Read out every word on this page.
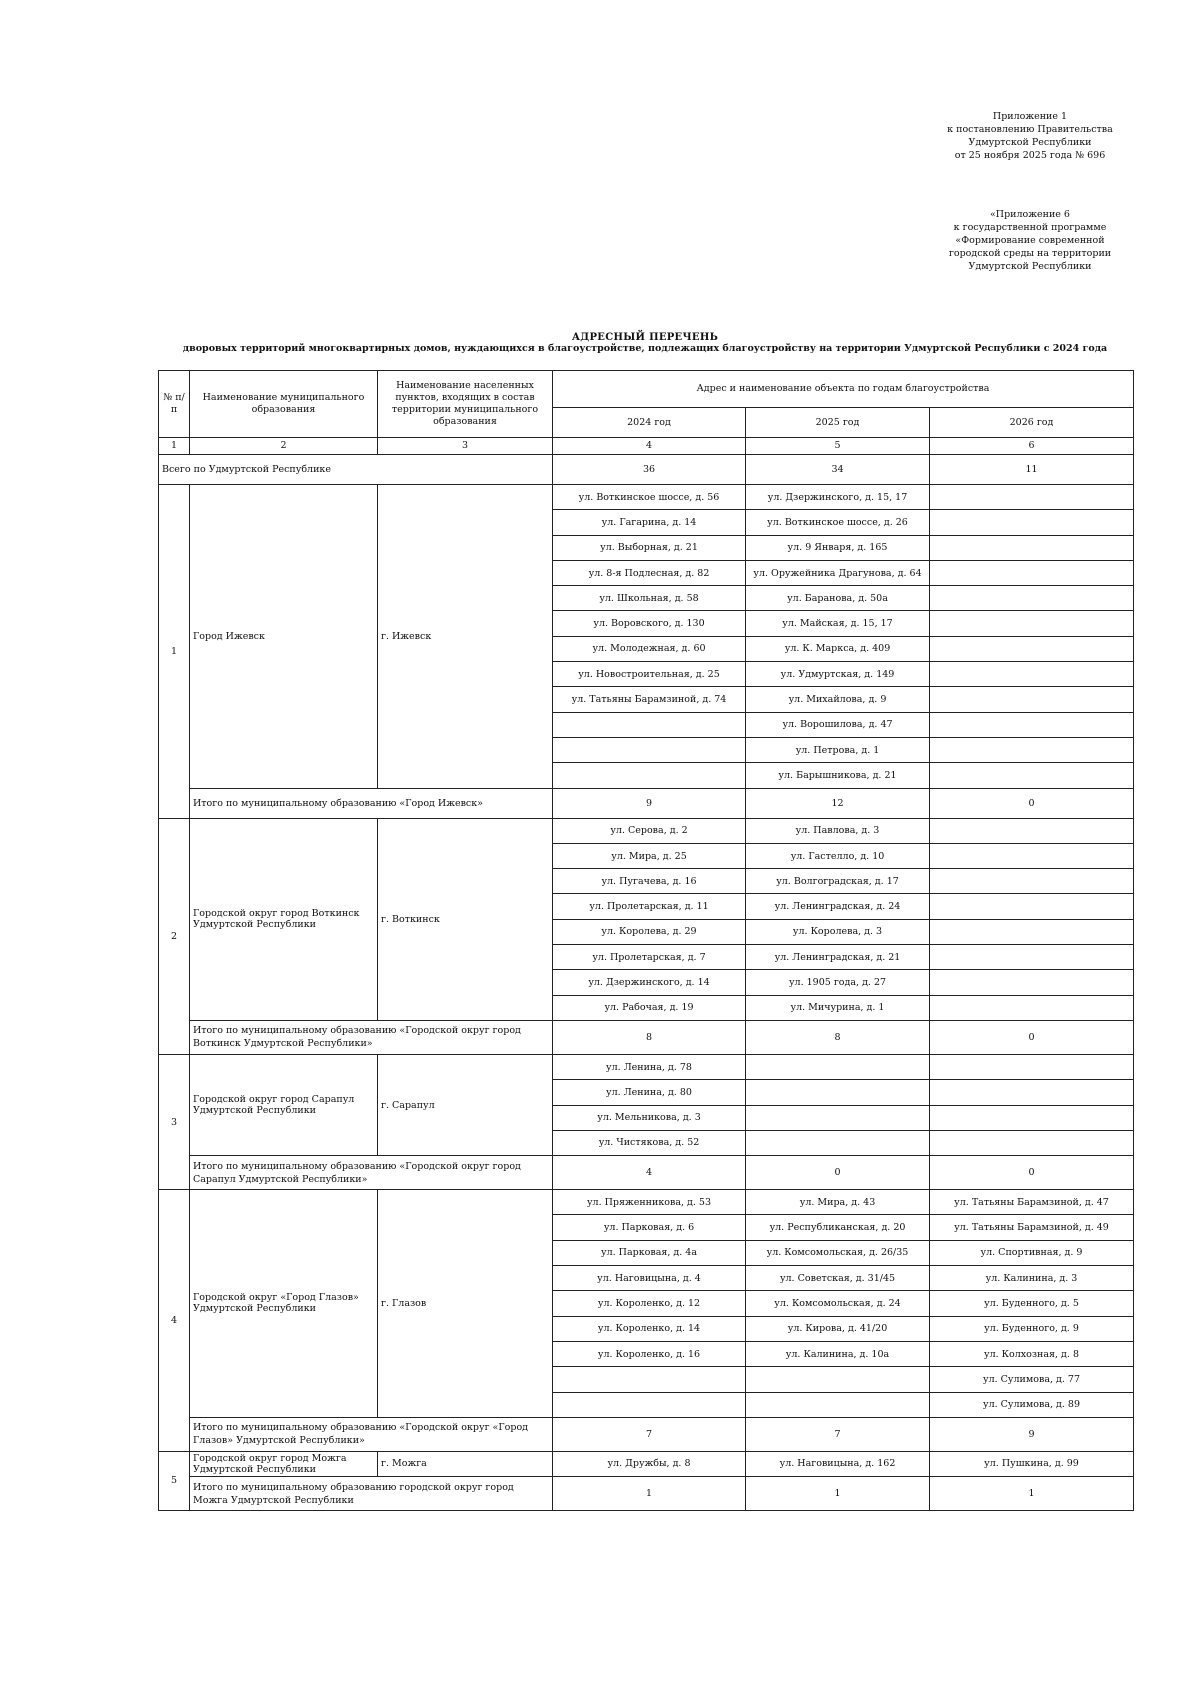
Приложение 1
к постановлению Правительства
Удмуртской Республики
от 25 ноября 2025 года № 696
«Приложение 6
к государственной программе
«Формирование современной
городской среды на территории
Удмуртской Республики
АДРЕСНЫЙ ПЕРЕЧЕНЬ
дворовых территорий многоквартирных домов, нуждающихся в благоустройстве, подлежащих благоустройству на территории Удмуртской Республики с 2024 года
№ п/п	Наименование муниципального образования	Наименование населенных пунктов, входящих в состав территории муниципального образования	Адрес и наименование объекта по годам благоустройства		
			2024 год	2025 год	2026 год
1	2	3	4	5	6
Всего по Удмуртской Республике			36	34	11
1	Город Ижевск	г. Ижевск	ул. Воткинское шоссе, д. 56	ул. Дзержинского, д. 15, 17	
			ул. Гагарина, д. 14	ул. Воткинское шоссе, д. 26	
			ул. Выборная, д. 21	ул. 9 Января, д. 165	
			ул. 8-я Подлесная, д. 82	ул. Оружейника Драгунова, д. 64	
			ул. Школьная, д. 58	ул. Баранова, д. 50а	
			ул. Воровского, д. 130	ул. Майская, д. 15, 17	
			ул. Молодежная, д. 60	ул. К. Маркса, д. 409	
			ул. Новостроительная, д. 25	ул. Удмуртская, д. 149	
			ул. Татьяны Барамзиной, д. 74	ул. Михайлова, д. 9	
				ул. Ворошилова, д. 47	
				ул. Петрова, д. 1	
				ул. Барышникова, д. 21	
	Итого по муниципальному образованию «Город Ижевск»		9	12	0
2	Городской округ город Воткинск Удмуртской Республики	г. Воткинск	ул. Серова, д. 2	ул. Павлова, д. 3	
			ул. Мира, д. 25	ул. Гастелло, д. 10	
			ул. Пугачева, д. 16	ул. Волгоградская, д. 17	
			ул. Пролетарская, д. 11	ул. Ленинградская, д. 24	
			ул. Королева, д. 29	ул. Королева, д. 3	
			ул. Пролетарская, д. 7	ул. Ленинградская, д. 21	
			ул. Дзержинского, д. 14	ул. 1905 года, д. 27	
			ул. Рабочая, д. 19	ул. Мичурина, д. 1	
	Итого по муниципальному образованию «Городской округ город Воткинск Удмуртской Республики»		8	8	0
3	Городской округ город Сарапул Удмуртской Республики	г. Сарапул	ул. Ленина, д. 78		
			ул. Ленина, д. 80		
			ул. Мельникова, д. 3		
			ул. Чистякова, д. 52		
	Итого по муниципальному образованию «Городской округ город Сарапул Удмуртской Республики»		4	0	0
4	Городской округ «Город Глазов» Удмуртской Республики	г. Глазов	ул. Пряженникова, д. 53	ул. Мира, д. 43	ул. Татьяны Барамзиной, д. 47
			ул. Парковая, д. 6	ул. Республиканская, д. 20	ул. Татьяны Барамзиной, д. 49
			ул. Парковая, д. 4а	ул. Комсомольская, д. 26/35	ул. Спортивная, д. 9
			ул. Наговицына, д. 4	ул. Советская, д. 31/45	ул. Калинина, д. 3
			ул. Короленко, д. 12	ул. Комсомольская, д. 24	ул. Буденного, д. 5
			ул. Короленко, д. 14	ул. Кирова, д. 41/20	ул. Буденного, д. 9
			ул. Короленко, д. 16	ул. Калинина, д. 10а	ул. Колхозная, д. 8
					ул. Сулимова, д. 77
					ул. Сулимова, д. 89
	Итого по муниципальному образованию «Городской округ «Город Глазов» Удмуртской Республики»		7	7	9
5	Городской округ город Можга Удмуртской Республики	г. Можга	ул. Дружбы, д. 8	ул. Наговицына, д. 162	ул. Пушкина, д. 99
	Итого по муниципальному образованию городской округ город Можга Удмуртской Республики		1	1	1
